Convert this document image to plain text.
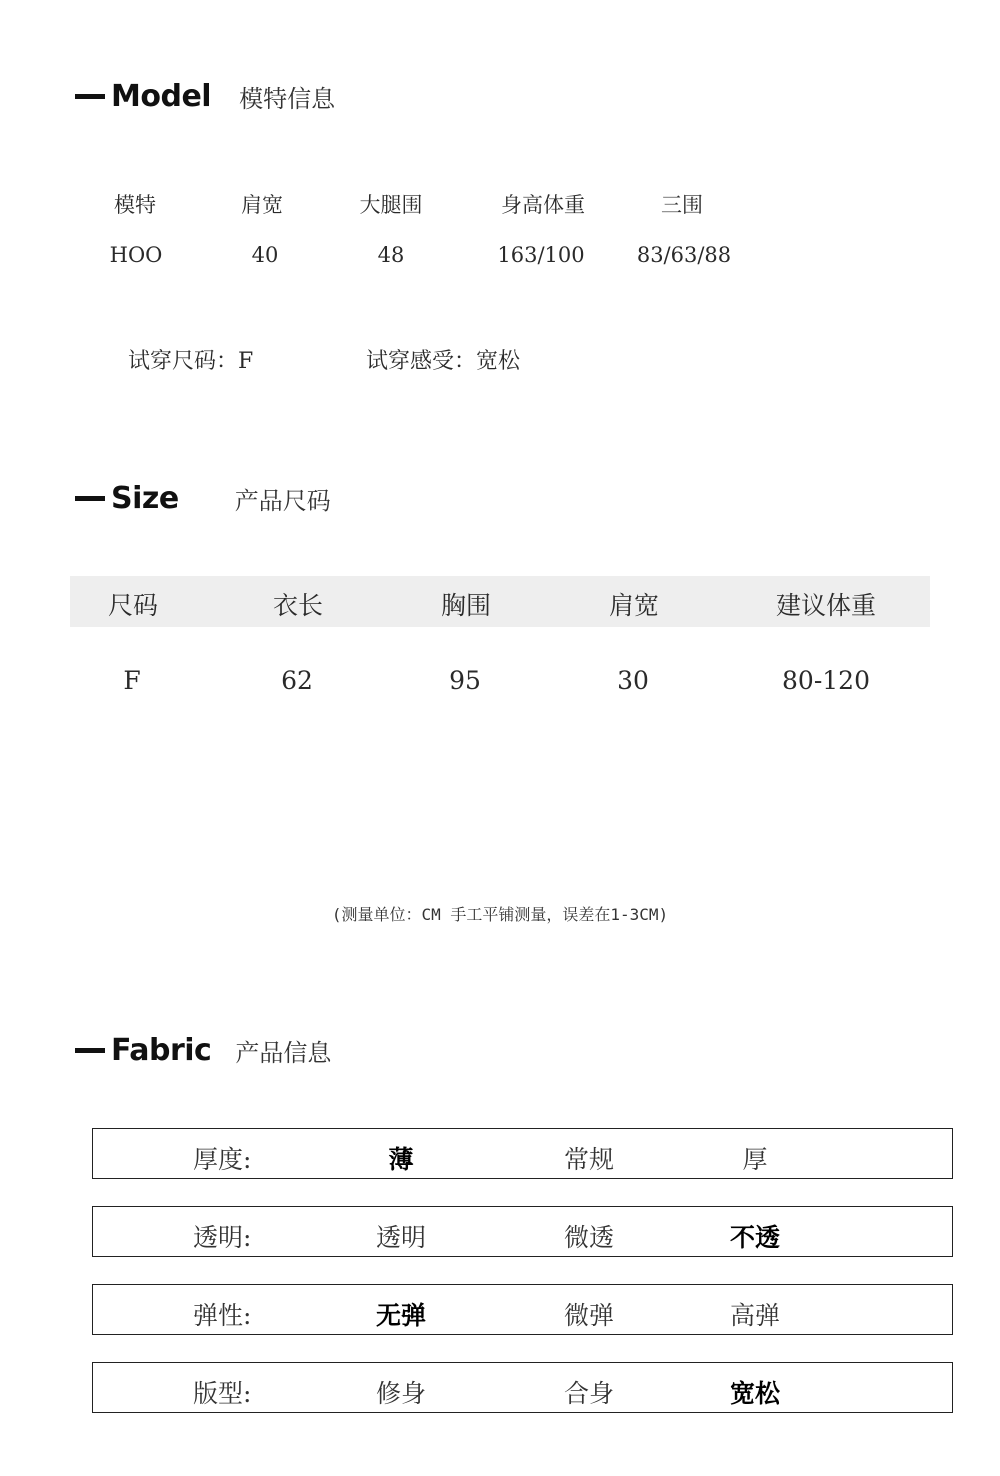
Model 模特信息
模特	肩宽	大腿围	身高体重	三围
HOO	40	48	163/100 83/63/88
试穿尺码：F	试穿感受：宽松
Size 产品尺码
尺码	衣长	胸围	肩宽	建议体重
F	62	95	30	80-120
(测量单位：CM 手工平铺测量，误差在1-3CM)
Fabric 产品信息
厚度:	薄	常规	厚
透明:	透明	微透	不透
弹性:	无弹	微弹	高弹
版型:	修身	合身	宽松
